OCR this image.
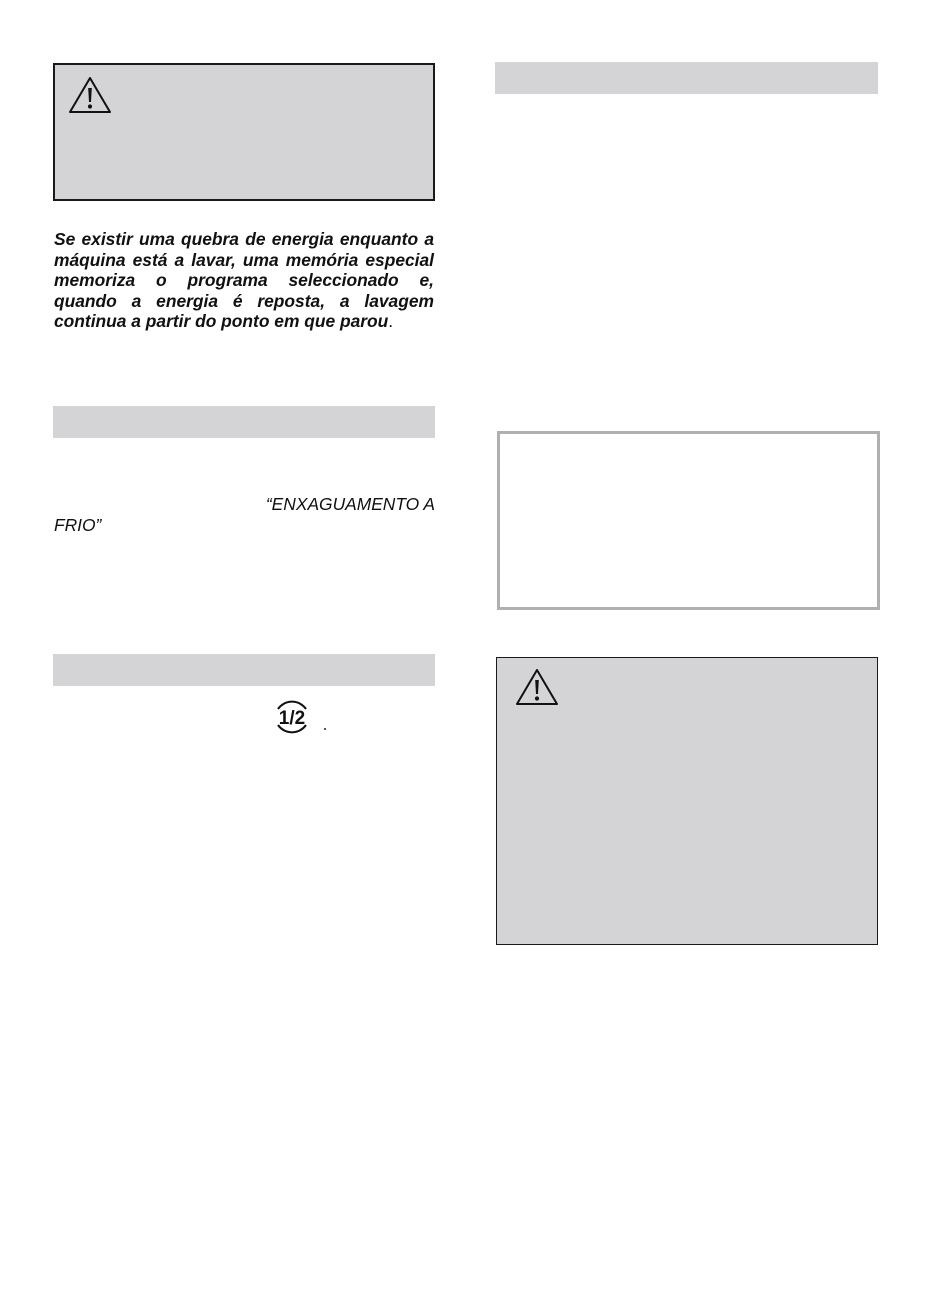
Se existir uma quebra de energia enquanto a máquina está a lavar, uma memória especial memoriza o programa seleccionado e, quando a energia é reposta, a lavagem continua a partir do ponto em que parou.

“ENXAGUAMENTO A

FRIO”

1/2
